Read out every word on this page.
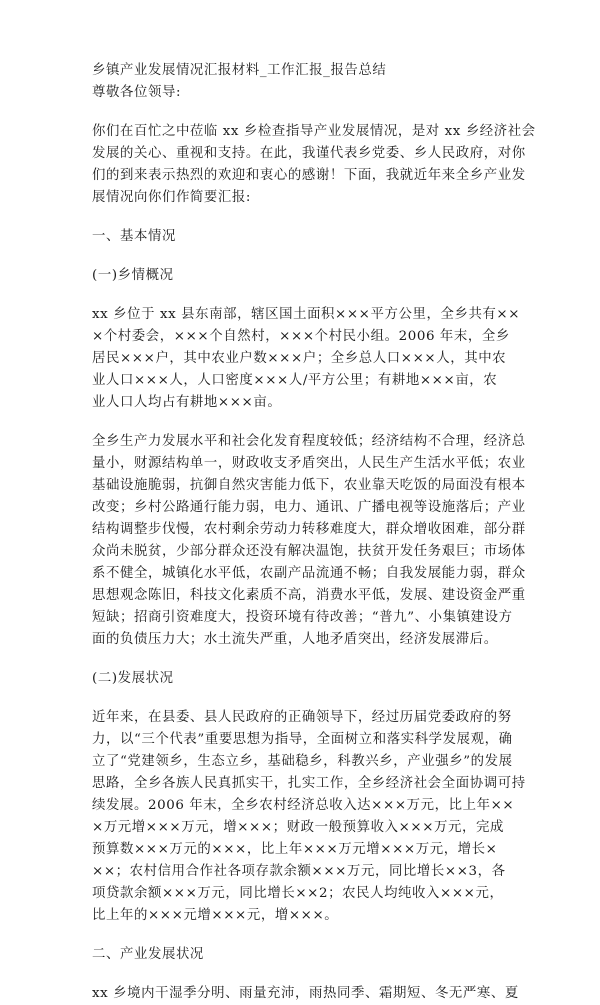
乡镇产业发展情况汇报材料_工作汇报_报告总结

尊敬各位领导:

你们在百忙之中莅临 xx 乡检查指导产业发展情况，是对 xx 乡经济社会

发展的关心、重视和支持。在此，我谨代表乡党委、乡人民政府，对你

们的到来表示热烈的欢迎和衷心的感谢！下面，我就近年来全乡产业发

展情况向你们作简要汇报:

一、基本情况

(一)乡情概况

xx 乡位于 xx 县东南部，辖区国土面积×××平方公里，全乡共有××

×个村委会，×××个自然村，×××个村民小组。2006 年末，全乡

居民×××户，其中农业户数×××户；全乡总人口×××人，其中农

业人口×××人，人口密度×××人/平方公里；有耕地×××亩，农

业人口人均占有耕地×××亩。

全乡生产力发展水平和社会化发育程度较低；经济结构不合理，经济总

量小，财源结构单一，财政收支矛盾突出，人民生产生活水平低；农业

基础设施脆弱，抗御自然灾害能力低下，农业靠天吃饭的局面没有根本

改变；乡村公路通行能力弱，电力、通讯、广播电视等设施落后；产业

结构调整步伐慢，农村剩余劳动力转移难度大，群众增收困难，部分群

众尚未脱贫，少部分群众还没有解决温饱，扶贫开发任务艰巨；市场体

系不健全，城镇化水平低，农副产品流通不畅；自我发展能力弱，群众

思想观念陈旧，科技文化素质不高，消费水平低，发展、建设资金严重

短缺；招商引资难度大，投资环境有待改善；“普九”、小集镇建设方

面的负债压力大；水土流失严重，人地矛盾突出，经济发展滞后。

(二)发展状况

近年来，在县委、县人民政府的正确领导下，经过历届党委政府的努

力，以“三个代表”重要思想为指导，全面树立和落实科学发展观，确

立了“党建领乡，生态立乡，基础稳乡，科教兴乡，产业强乡”的发展

思路，全乡各族人民真抓实干，扎实工作，全乡经济社会全面协调可持

续发展。2006 年末，全乡农村经济总收入达×××万元，比上年××

×万元增×××万元，增×××；财政一般预算收入×××万元，完成

预算数×××万元的×××，比上年×××万元增×××万元，增长×

××；农村信用合作社各项存款余额×××万元，同比增长××3，各

项贷款余额×××万元，同比增长××2；农民人均纯收入×××元，

比上年的×××元增×××元，增×××。

二、产业发展状况

xx 乡境内干湿季分明、雨量充沛，雨热同季、霜期短、冬无严寒、夏
